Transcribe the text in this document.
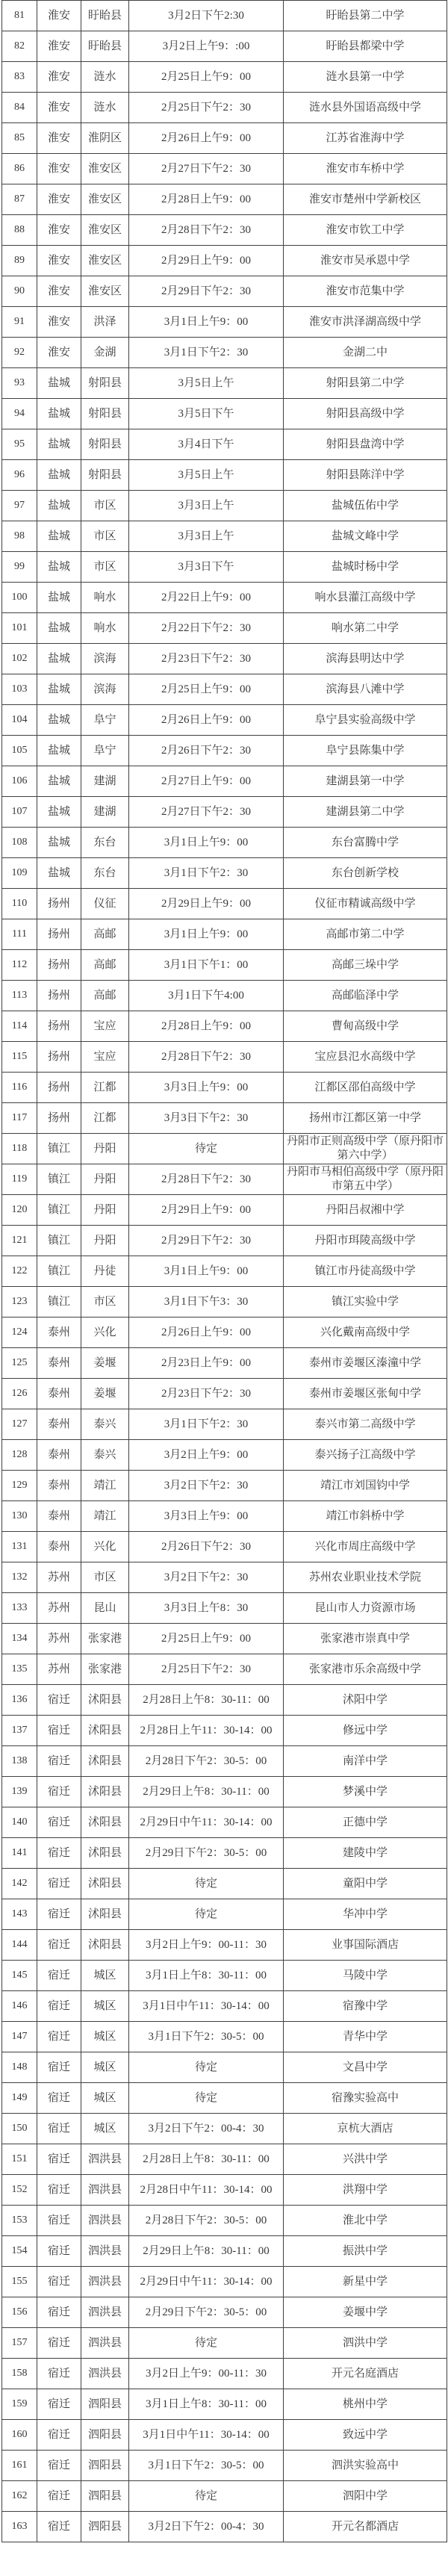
81	淮安	盱眙县	3月2日下午2:30	盱眙县第二中学
82	淮安	盱眙县	3月2日上午9：:00	盱眙县都梁中学
83	淮安	涟水	2月25日上午9：00	涟水县第一中学
84	淮安	涟水	2月25日下午2：30	涟水县外国语高级中学
85	淮安	淮阴区	2月26日上午9：00	江苏省淮海中学
86	淮安	淮安区	2月27日下午2：30	淮安市车桥中学
87	淮安	淮安区	2月28日上午9：00	淮安市楚州中学新校区
88	淮安	淮安区	2月28日下午2：30	淮安市钦工中学
89	淮安	淮安区	2月29日上午9：00	淮安市吴承恩中学
90	淮安	淮安区	2月29日下午2：30	淮安市范集中学
91	淮安	洪泽	3月1日上午9：00	淮安市洪泽湖高级中学
92	淮安	金湖	3月1日下午2：30	金湖二中
93	盐城	射阳县	3月5日上午	射阳县第二中学
94	盐城	射阳县	3月5日下午	射阳县高级中学
95	盐城	射阳县	3月4日下午	射阳县盘湾中学
96	盐城	射阳县	3月5日上午	射阳县陈洋中学
97	盐城	市区	3月3日上午	盐城伍佑中学
98	盐城	市区	3月3日上午	盐城文峰中学
99	盐城	市区	3月3日下午	盐城时杨中学
100	盐城	响水	2月22日上午9：00	响水县灌江高级中学
101	盐城	响水	2月22日下午2：30	响水第二中学
102	盐城	滨海	2月23日下午2：30	滨海县明达中学
103	盐城	滨海	2月25日上午9：00	滨海县八滩中学
104	盐城	阜宁	2月26日上午9：00	阜宁县实验高级中学
105	盐城	阜宁	2月26日下午2：30	阜宁县陈集中学
106	盐城	建湖	2月27日上午9：00	建湖县第一中学
107	盐城	建湖	2月27日下午2：30	建湖县第二中学
108	盐城	东台	3月1日上午9：00	东台富腾中学
109	盐城	东台	3月1日下午2：30	东台创新学校
110	扬州	仪征	2月29日上午9：00	仪征市精诚高级中学
111	扬州	高邮	3月1日上午9：00	高邮市第二中学
112	扬州	高邮	3月1日下午1：00	高邮三垛中学
113	扬州	高邮	3月1日下午4:00	高邮临泽中学
114	扬州	宝应	2月28日上午9：00	曹甸高级中学
115	扬州	宝应	2月28日下午2：30	宝应县氾水高级中学
116	扬州	江都	3月3日上午9：00	江都区邵伯高级中学
117	扬州	江都	3月3日下午2：30	扬州市江都区第一中学
118	镇江	丹阳	待定	丹阳市正则高级中学（原丹阳市第六中学）
119	镇江	丹阳	2月28日下午2：30	丹阳市马相伯高级中学（原丹阳市第五中学）
120	镇江	丹阳	2月29日上午9：00	丹阳吕叔湘中学
121	镇江	丹阳	2月29日下午2：30	丹阳市珥陵高级中学
122	镇江	丹徒	3月1日上午9：00	镇江市丹徒高级中学
123	镇江	市区	3月1日下午3：30	镇江实验中学
124	泰州	兴化	2月26日上午9：00	兴化戴南高级中学
125	泰州	姜堰	2月23日上午9：00	泰州市姜堰区溱潼中学
126	泰州	姜堰	2月23日下午2：30	泰州市姜堰区张甸中学
127	泰州	泰兴	3月1日下午2：30	泰兴市第二高级中学
128	泰州	泰兴	3月2日上午9：00	泰兴扬子江高级中学
129	泰州	靖江	3月2日下午2：30	靖江市刘国钧中学
130	泰州	靖江	3月3日上午9：00	靖江市斜桥中学
131	泰州	兴化	2月26日下午2：30	兴化市周庄高级中学
132	苏州	市区	3月2日下午2：30	苏州农业职业技术学院
133	苏州	昆山	3月3日上午8：30	昆山市人力资源市场
134	苏州	张家港	2月25日上午9：00	张家港市崇真中学
135	苏州	张家港	2月25日下午2：30	张家港市乐余高级中学
136	宿迁	沭阳县	2月28日上午8：30-11：00	沭阳中学
137	宿迁	沭阳县	2月28日上午11：30-14：00	修远中学
138	宿迁	沭阳县	2月28日下午2：30-5：00	南洋中学
139	宿迁	沭阳县	2月29日上午8：30-11：00	梦溪中学
140	宿迁	沭阳县	2月29日中午11：30-14：00	正德中学
141	宿迁	沭阳县	2月29日下午2：30-5：00	建陵中学
142	宿迁	沭阳县	待定	童阳中学
143	宿迁	沭阳县	待定	华冲中学
144	宿迁	沭阳县	3月2日上午9：00-11：30	业事国际酒店
145	宿迁	城区	3月1日上午8：30-11：00	马陵中学
146	宿迁	城区	3月1日中午11：30-14：00	宿豫中学
147	宿迁	城区	3月1日下午2：30-5：00	青华中学
148	宿迁	城区	待定	文昌中学
149	宿迁	城区	待定	宿豫实验高中
150	宿迁	城区	3月2日下午2：00-4：30	京杭大酒店
151	宿迁	泗洪县	2月28日上午8：30-11：00	兴洪中学
152	宿迁	泗洪县	2月28日中午11：30-14：00	洪翔中学
153	宿迁	泗洪县	2月28日下午2：30-5：00	淮北中学
154	宿迁	泗洪县	2月29日上午8：30-11：00	振洪中学
155	宿迁	泗洪县	2月29日中午11：30-14：00	新星中学
156	宿迁	泗洪县	2月29日下午2：30-5：00	姜堰中学
157	宿迁	泗洪县	待定	泗洪中学
158	宿迁	泗洪县	3月2日上午9：00-11：30	开元名庭酒店
159	宿迁	泗阳县	3月1日上午8：30-11：00	桃州中学
160	宿迁	泗阳县	3月1日中午11：30-14：00	致远中学
161	宿迁	泗阳县	3月1日下午2：30-5：00	泗洪实验高中
162	宿迁	泗阳县	待定	泗阳中学
163	宿迁	泗阳县	3月2日下午2：00-4：30	开元名都酒店
